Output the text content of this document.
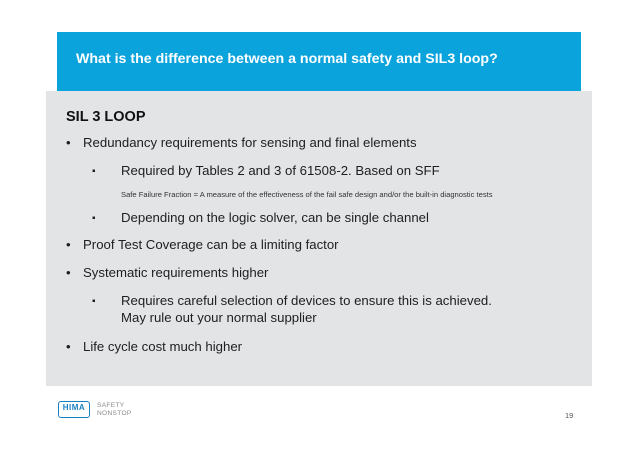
What is the difference between a normal safety and SIL3 loop?
SIL 3 LOOP
• Redundancy requirements for sensing and final elements
▪ Required by Tables 2 and 3 of 61508-2. Based on SFF
Safe Failure Fraction = A measure of the effectiveness of the fail safe design and/or the built-in diagnostic tests
▪ Depending on the logic solver, can be single channel
• Proof Test Coverage can be a limiting factor
• Systematic requirements higher
▪ Requires careful selection of devices to ensure this is achieved.
May rule out your normal supplier
• Life cycle cost much higher
HIMA	SAFETY
NONSTOP	19
